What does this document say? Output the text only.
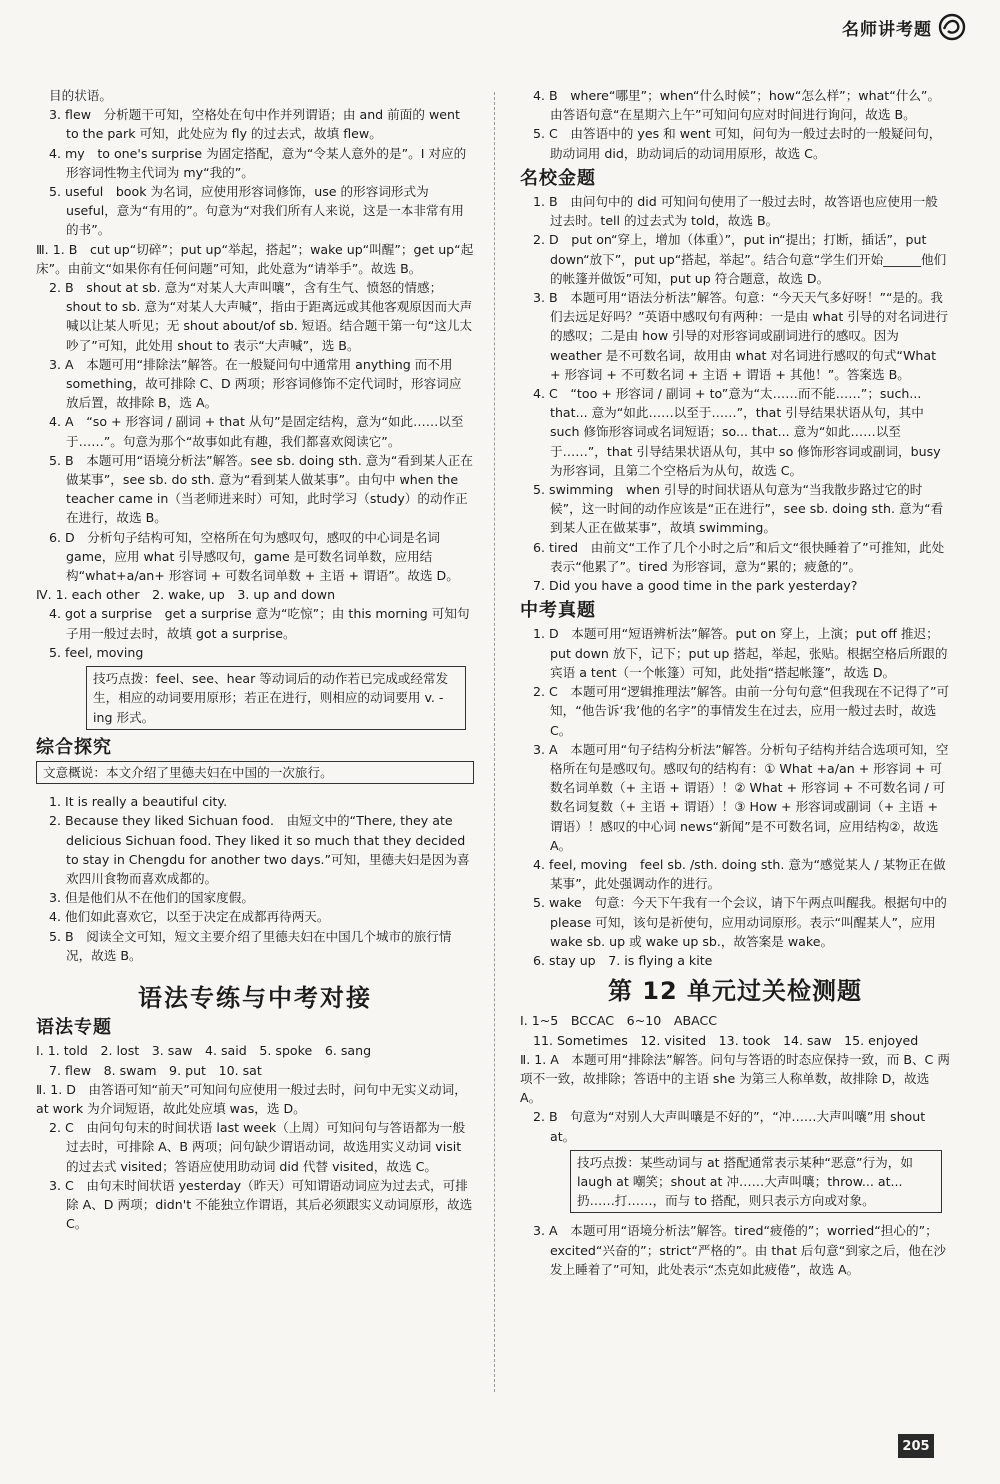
名师讲考题

目的状语。

3. flew　分析题干可知，空格处在句中作并列谓语；由 and 前面的 went to the park 可知，此处应为 fly 的过去式，故填 flew。

4. my　to one's surprise 为固定搭配，意为“令某人意外的是”。I 对应的形容词性物主代词为 my“我的”。

5. useful　book 为名词，应使用形容词修饰，use 的形容词形式为 useful，意为“有用的”。句意为“对我们所有人来说，这是一本非常有用的书”。

Ⅲ. 1. B　cut up“切碎”；put up“举起，搭起”；wake up“叫醒”；get up“起床”。由前文“如果你有任何问题”可知，此处意为“请举手”。故选 B。

2. B　shout at sb. 意为“对某人大声叫嚷”，含有生气、愤怒的情感；shout to sb. 意为“对某人大声喊”，指由于距离远或其他客观原因而大声喊以让某人听见；无 shout about/of sb. 短语。结合题干第一句“这儿太吵了”可知，此处用 shout to 表示“大声喊”，选 B。

3. A　本题可用“排除法”解答。在一般疑问句中通常用 anything 而不用 something，故可排除 C、D 两项；形容词修饰不定代词时，形容词应放后置，故排除 B，选 A。

4. A　“so + 形容词 / 副词 + that 从句”是固定结构，意为“如此……以至于……”。句意为那个“故事如此有趣，我们都喜欢阅读它”。

5. B　本题可用“语境分析法”解答。see sb. doing sth. 意为“看到某人正在做某事”，see sb. do sth. 意为“看到某人做某事”。由句中 when the teacher came in（当老师进来时）可知，此时学习（study）的动作正在进行，故选 B。

6. D　分析句子结构可知，空格所在句为感叹句，感叹的中心词是名词 game，应用 what 引导感叹句，game 是可数名词单数，应用结构“what+a/an+ 形容词 + 可数名词单数 + 主语 + 谓语”。故选 D。

Ⅳ. 1. each other　2. wake, up　3. up and down

4. got a surprise　get a surprise 意为“吃惊”；由 this morning 可知句子用一般过去时，故填 got a surprise。

5. feel, moving

技巧点拨：feel、see、hear 等动词后的动作若已完成或经常发生，相应的动词要用原形；若正在进行，则相应的动词要用 v. -ing 形式。
综合探究
文意概说：本文介绍了里德夫妇在中国的一次旅行。

1. It is really a beautiful city.

2. Because they liked Sichuan food.　由短文中的“There, they ate delicious Sichuan food. They liked it so much that they decided to stay in Chengdu for another two days.”可知，里德夫妇是因为喜欢四川食物而喜欢成都的。

3. 但是他们从不在他们的国家度假。

4. 他们如此喜欢它，以至于决定在成都再待两天。

5. B　阅读全文可知，短文主要介绍了里德夫妇在中国几个城市的旅行情况，故选 B。

语法专练与中考对接
语法专题

Ⅰ. 1. told　2. lost　3. saw　4. said　5. spoke　6. sang

7. flew　8. swam　9. put　10. sat

Ⅱ. 1. D　由答语可知“前天”可知问句应使用一般过去时，问句中无实义动词，at work 为介词短语，故此处应填 was，选 D。

2. C　由问句句末的时间状语 last week（上周）可知问句与答语都为一般过去时，可排除 A、B 两项；问句缺少谓语动词，故选用实义动词 visit 的过去式 visited；答语应使用助动词 did 代替 visited，故选 C。

3. C　由句末时间状语 yesterday（昨天）可知谓语动词应为过去式，可排除 A、D 两项；didn't 不能独立作谓语，其后必须跟实义动词原形，故选 C。

4. B　where“哪里”；when“什么时候”；how“怎么样”；what“什么”。由答语句意“在星期六上午”可知问句应对时间进行询问，故选 B。

5. C　由答语中的 yes 和 went 可知，问句为一般过去时的一般疑问句，助动词用 did，助动词后的动词用原形，故选 C。

名校金题

1. B　由问句中的 did 可知问句使用了一般过去时，故答语也应使用一般过去时。tell 的过去式为 told，故选 B。

2. D　put on“穿上，增加（体重）”，put in“提出；打断，插话”，put down“放下”，put up“搭起，举起”。结合句意“学生们开始______他们的帐篷并做饭”可知，put up 符合题意，故选 D。

3. B　本题可用“语法分析法”解答。句意：“今天天气多好呀！”“是的。我们去远足好吗？”英语中感叹句有两种：一是由 what 引导的对名词进行的感叹；二是由 how 引导的对形容词或副词进行的感叹。因为 weather 是不可数名词，故用由 what 对名词进行感叹的句式“What + 形容词 + 不可数名词 + 主语 + 谓语 + 其他！”。答案选 B。

4. C　“too + 形容词 / 副词 + to”意为“太……而不能……”；such... that... 意为“如此……以至于……”，that 引导结果状语从句，其中 such 修饰形容词或名词短语；so... that... 意为“如此……以至于……”，that 引导结果状语从句，其中 so 修饰形容词或副词，busy 为形容词，且第二个空格后为从句，故选 C。

5. swimming　when 引导的时间状语从句意为“当我散步路过它的时候”，这一时间的动作应该是“正在进行”，see sb. doing sth. 意为“看到某人正在做某事”，故填 swimming。

6. tired　由前文“工作了几个小时之后”和后文“很快睡着了”可推知，此处表示“他累了”。tired 为形容词，意为“累的；疲惫的”。

7. Did you have a good time in the park yesterday?

中考真题

1. D　本题可用“短语辨析法”解答。put on 穿上，上演；put off 推迟；put down 放下，记下；put up 搭起，举起，张贴。根据空格后所跟的宾语 a tent（一个帐篷）可知，此处指“搭起帐篷”，故选 D。

2. C　本题可用“逻辑推理法”解答。由前一分句句意“但我现在不记得了”可知，“他告诉‘我’他的名字”的事情发生在过去，应用一般过去时，故选 C。

3. A　本题可用“句子结构分析法”解答。分析句子结构并结合选项可知，空格所在句是感叹句。感叹句的结构有：① What +a/an + 形容词 + 可数名词单数（+ 主语 + 谓语）！② What + 形容词 + 不可数名词 / 可数名词复数（+ 主语 + 谓语）！③ How + 形容词或副词（+ 主语 + 谓语）！感叹的中心词 news“新闻”是不可数名词，应用结构②，故选 A。

4. feel, moving　feel sb. /sth. doing sth. 意为“感觉某人 / 某物正在做某事”，此处强调动作的进行。

5. wake　句意：今天下午我有一个会议，请下午两点叫醒我。根据句中的 please 可知，该句是祈使句，应用动词原形。表示“叫醒某人”，应用 wake sb. up 或 wake up sb.，故答案是 wake。

6. stay up　7. is flying a kite

第 12 单元过关检测题

Ⅰ. 1~5　BCCAC　6~10　ABACC

11. Sometimes　12. visited　13. took　14. saw　15. enjoyed

Ⅱ. 1. A　本题可用“排除法”解答。问句与答语的时态应保持一致，而 B、C 两项不一致，故排除；答语中的主语 she 为第三人称单数，故排除 D，故选 A。

2. B　句意为“对别人大声叫嚷是不好的”，“冲……大声叫嚷”用 shout at。

技巧点拨：某些动词与 at 搭配通常表示某种“恶意”行为，如 laugh at 嘲笑；shout at 冲……大声叫嚷；throw... at... 扔……打……，而与 to 搭配，则只表示方向或对象。

3. A　本题可用“语境分析法”解答。tired“疲倦的”；worried“担心的”；excited“兴奋的”；strict“严格的”。由 that 后句意“到家之后，他在沙发上睡着了”可知，此处表示“杰克如此疲倦”，故选 A。

205
